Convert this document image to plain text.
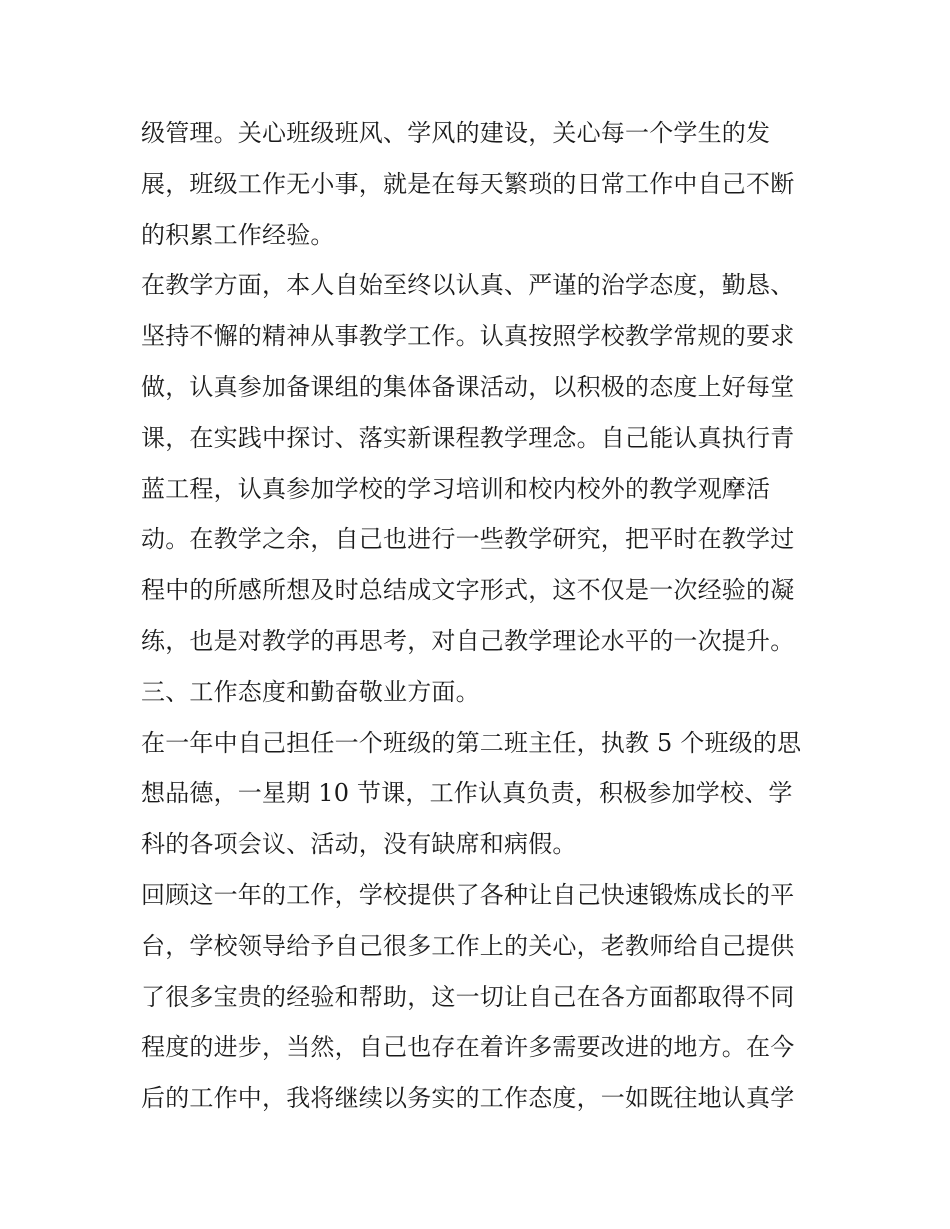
级管理。关心班级班风、学风的建设，关心每一个学生的发
展，班级工作无小事，就是在每天繁琐的日常工作中自己不断
的积累工作经验。
在教学方面，本人自始至终以认真、严谨的治学态度，勤恳、
坚持不懈的精神从事教学工作。认真按照学校教学常规的要求
做，认真参加备课组的集体备课活动，以积极的态度上好每堂
课，在实践中探讨、落实新课程教学理念。自己能认真执行青
蓝工程，认真参加学校的学习培训和校内校外的教学观摩活
动。在教学之余，自己也进行一些教学研究，把平时在教学过
程中的所感所想及时总结成文字形式，这不仅是一次经验的凝
练，也是对教学的再思考，对自己教学理论水平的一次提升。
三、工作态度和勤奋敬业方面。
在一年中自己担任一个班级的第二班主任，执教 5 个班级的思
想品德，一星期 10 节课，工作认真负责，积极参加学校、学
科的各项会议、活动，没有缺席和病假。
回顾这一年的工作，学校提供了各种让自己快速锻炼成长的平
台，学校领导给予自己很多工作上的关心，老教师给自己提供
了很多宝贵的经验和帮助，这一切让自己在各方面都取得不同
程度的进步，当然，自己也存在着许多需要改进的地方。在今
后的工作中，我将继续以务实的工作态度，一如既往地认真学
